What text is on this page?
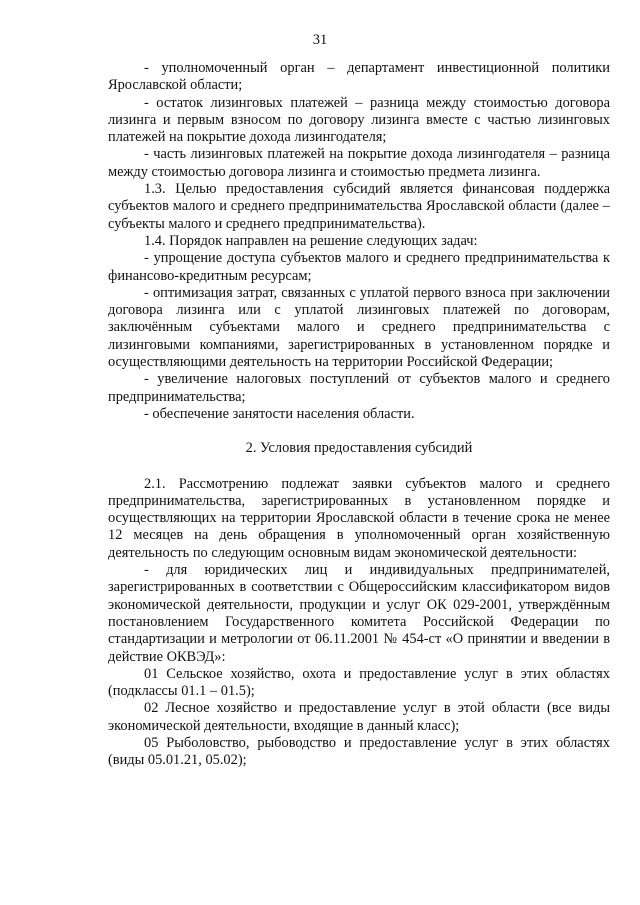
31

- уполномоченный орган – департамент инвестиционной политики Ярославской области;

- остаток лизинговых платежей – разница между стоимостью договора лизинга и первым взносом по договору лизинга вместе с частью лизинговых платежей на покрытие дохода лизингодателя;

- часть лизинговых платежей на покрытие дохода лизингодателя – разница между стоимостью договора лизинга и стоимостью предмета лизинга.

1.3. Целью предоставления субсидий является финансовая поддержка субъектов малого и среднего предпринимательства Ярославской области (далее – субъекты малого и среднего предпринимательства).

1.4. Порядок направлен на решение следующих задач:

- упрощение доступа субъектов малого и среднего предпринимательства к финансово-кредитным ресурсам;

- оптимизация затрат, связанных с уплатой первого взноса при заключении договора лизинга или с уплатой лизинговых платежей по договорам, заключённым субъектами малого и среднего предпринимательства с лизинговыми компаниями, зарегистрированных в установленном порядке и осуществляющими деятельность на территории Российской Федерации;

- увеличение налоговых поступлений от субъектов малого и среднего предпринимательства;

- обеспечение занятости населения области.

2. Условия предоставления субсидий

2.1. Рассмотрению подлежат заявки субъектов малого и среднего предпринимательства, зарегистрированных в установленном порядке и осуществляющих на территории Ярославской области в течение срока не менее 12 месяцев на день обращения в уполномоченный орган хозяйственную деятельность по следующим основным видам экономической деятельности:

- для юридических лиц и индивидуальных предпринимателей, зарегистрированных в соответствии с Общероссийским классификатором видов экономической деятельности, продукции и услуг ОК 029-2001, утверждённым постановлением Государственного комитета Российской Федерации по стандартизации и метрологии от 06.11.2001 № 454-ст «О принятии и введении в действие ОКВЭД»:

01 Сельское хозяйство, охота и предоставление услуг в этих областях (подклассы 01.1 – 01.5);

02 Лесное хозяйство и предоставление услуг в этой области (все виды экономической деятельности, входящие в данный класс);

05 Рыболовство, рыбоводство и предоставление услуг в этих областях (виды 05.01.21, 05.02);
